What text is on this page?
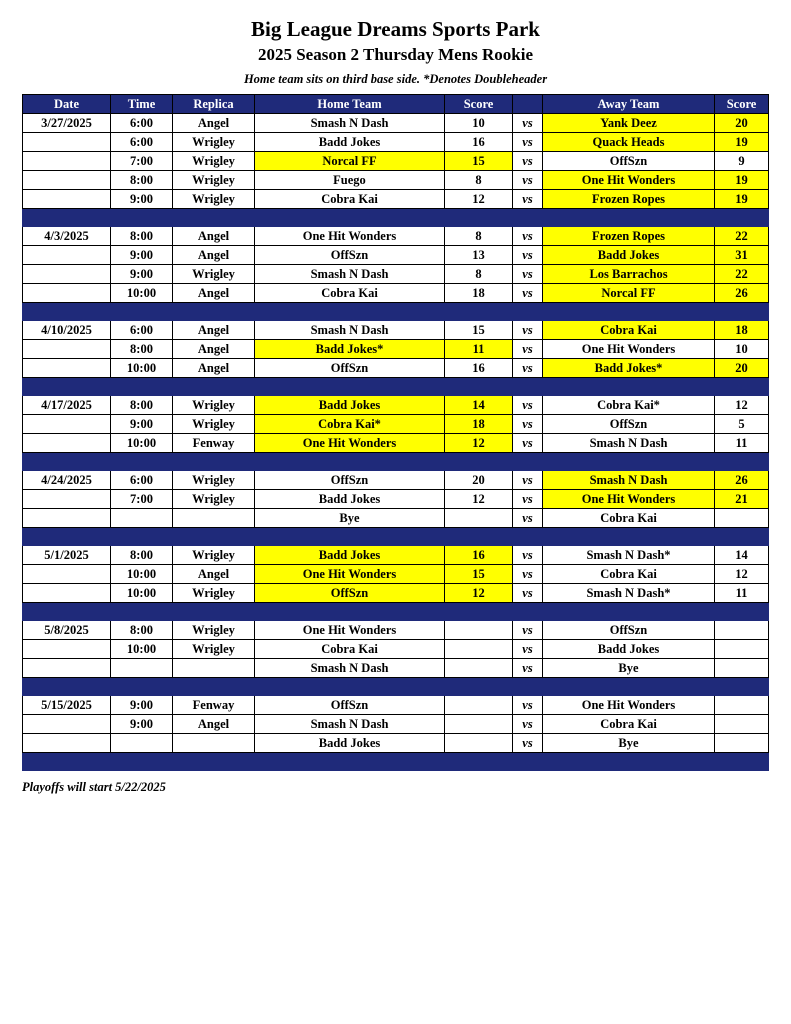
Big League Dreams Sports Park
2025 Season 2 Thursday Mens Rookie
Home team sits on third base side. *Denotes Doubleheader
Date	Time	Replica	Home Team	Score		Away Team	Score
3/27/2025	6:00	Angel	Smash N Dash	10	vs	Yank Deez	20
	6:00	Wrigley	Badd Jokes	16	vs	Quack Heads	19
	7:00	Wrigley	Norcal FF	15	vs	OffSzn	9
	8:00	Wrigley	Fuego	8	vs	One Hit Wonders	19
	9:00	Wrigley	Cobra Kai	12	vs	Frozen Ropes	19

4/3/2025	8:00	Angel	One Hit Wonders	8	vs	Frozen Ropes	22
	9:00	Angel	OffSzn	13	vs	Badd Jokes	31
	9:00	Wrigley	Smash N Dash	8	vs	Los Barrachos	22
	10:00	Angel	Cobra Kai	18	vs	Norcal FF	26

4/10/2025	6:00	Angel	Smash N Dash	15	vs	Cobra Kai	18
	8:00	Angel	Badd Jokes*	11	vs	One Hit Wonders	10
	10:00	Angel	OffSzn	16	vs	Badd Jokes*	20

4/17/2025	8:00	Wrigley	Badd Jokes	14	vs	Cobra Kai*	12
	9:00	Wrigley	Cobra Kai*	18	vs	OffSzn	5
	10:00	Fenway	One Hit Wonders	12	vs	Smash N Dash	11

4/24/2025	6:00	Wrigley	OffSzn	20	vs	Smash N Dash	26
	7:00	Wrigley	Badd Jokes	12	vs	One Hit Wonders	21
			Bye		vs	Cobra Kai	

5/1/2025	8:00	Wrigley	Badd Jokes	16	vs	Smash N Dash*	14
	10:00	Angel	One Hit Wonders	15	vs	Cobra Kai	12
	10:00	Wrigley	OffSzn	12	vs	Smash N Dash*	11

5/8/2025	8:00	Wrigley	One Hit Wonders		vs	OffSzn	
	10:00	Wrigley	Cobra Kai		vs	Badd Jokes	
			Smash N Dash		vs	Bye	

5/15/2025	9:00	Fenway	OffSzn		vs	One Hit Wonders	
	9:00	Angel	Smash N Dash		vs	Cobra Kai	
			Badd Jokes		vs	Bye	

Playoffs will start 5/22/2025
